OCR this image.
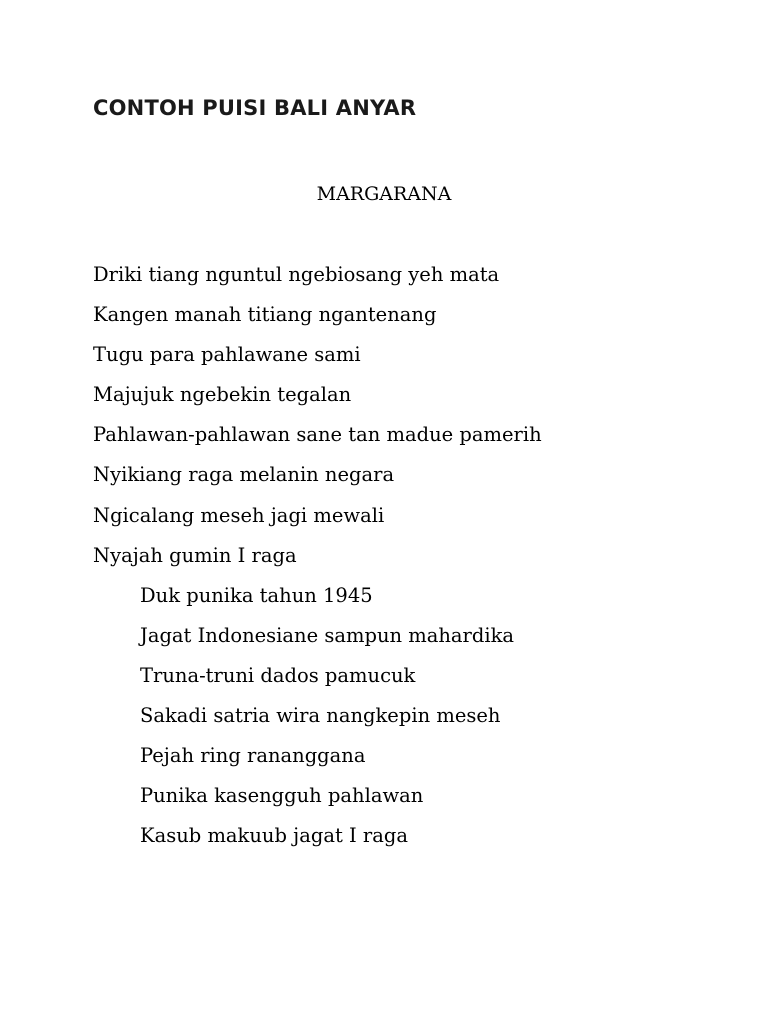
CONTOH PUISI BALI ANYAR
MARGARANA
Driki tiang nguntul ngebiosang yeh mata
Kangen manah titiang ngantenang
Tugu para pahlawane sami
Majujuk ngebekin tegalan
Pahlawan-pahlawan sane tan madue pamerih
Nyikiang raga melanin negara
Ngicalang meseh jagi mewali
Nyajah gumin I raga
Duk punika tahun 1945
Jagat Indonesiane sampun mahardika
Truna-truni dados pamucuk
Sakadi satria wira nangkepin meseh
Pejah ring rananggana
Punika kasengguh pahlawan
Kasub makuub jagat I raga
